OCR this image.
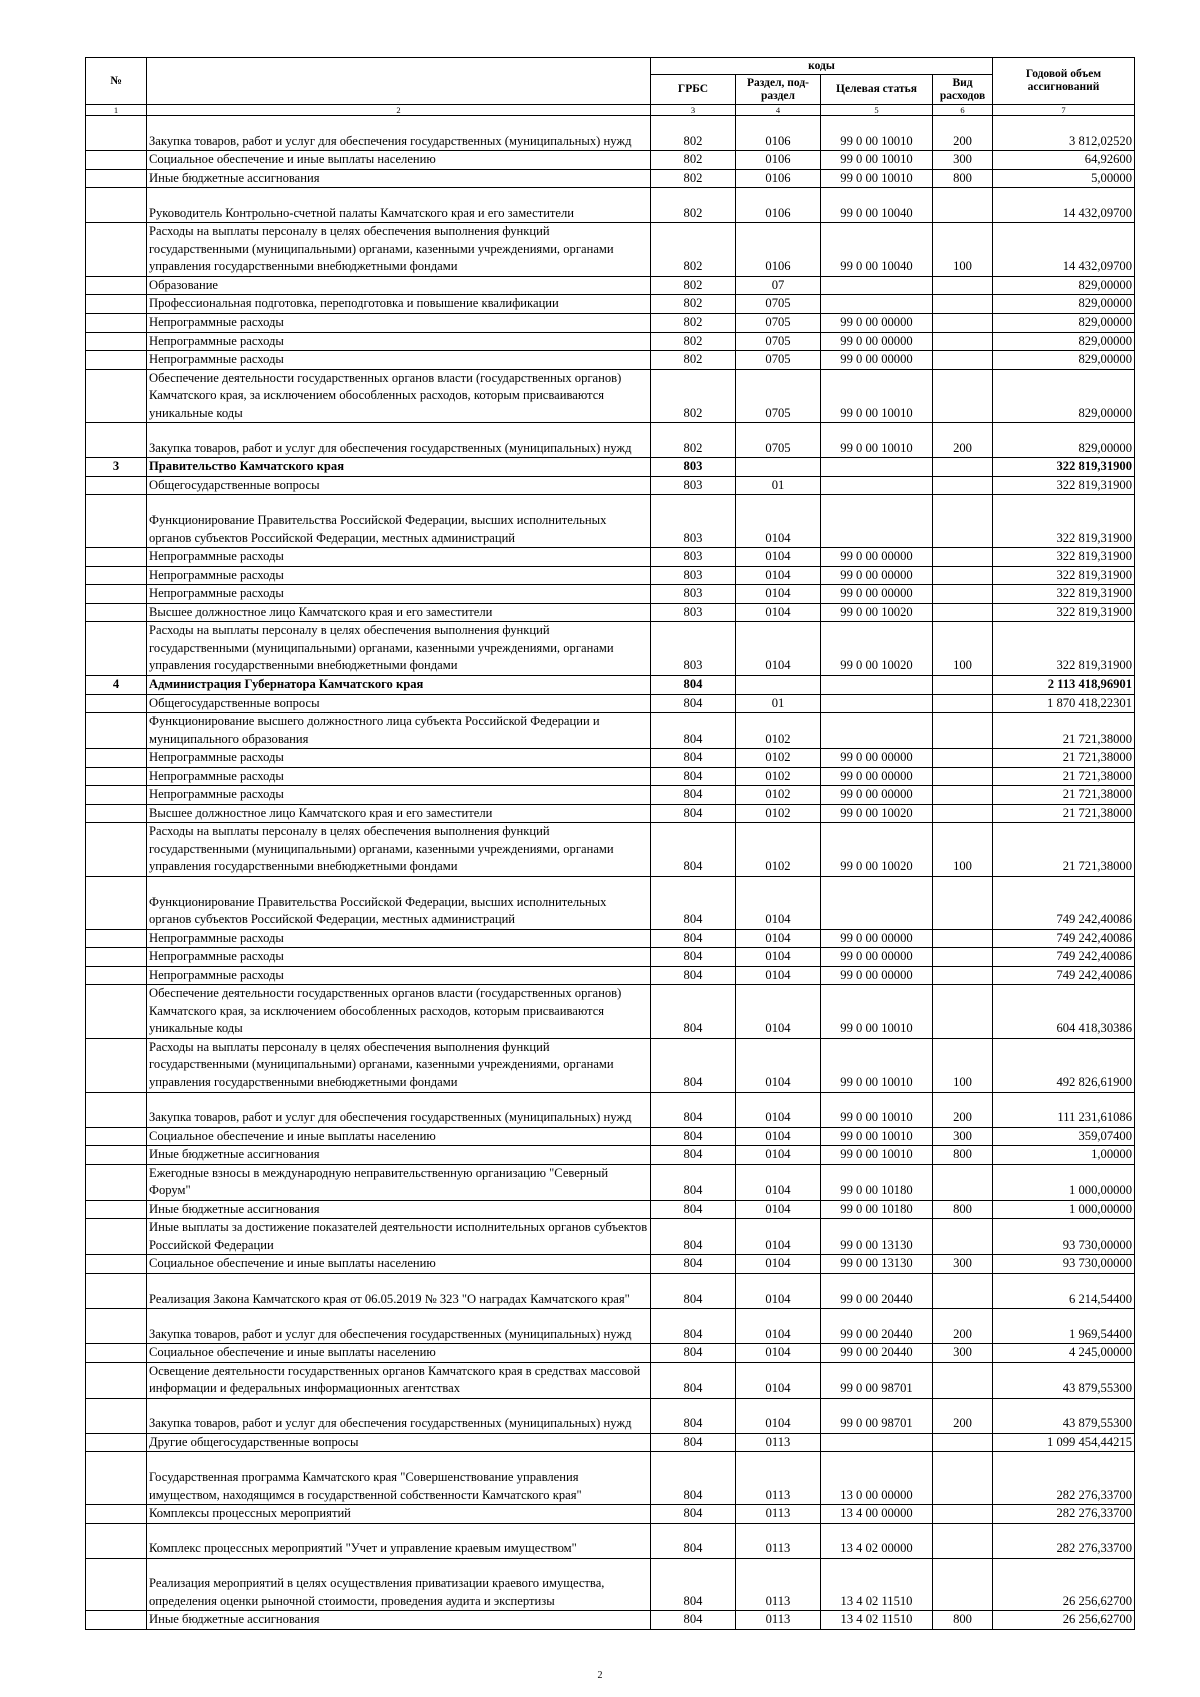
№		коды				Годовой объем ассигнований
		ГРБС	Раздел, под-раздел	Целевая статья	Вид расходов	
1	2	3	4	5	6	7
	Закупка товаров, работ и услуг для обеспечения государственных (муниципальных) нужд	802	0106	99 0 00 10010	200	3 812,02520
	Социальное обеспечение и иные выплаты населению	802	0106	99 0 00 10010	300	64,92600
	Иные бюджетные ассигнования	802	0106	99 0 00 10010	800	5,00000
	Руководитель Контрольно-счетной палаты Камчатского края и его заместители	802	0106	99 0 00 10040		14 432,09700
	Расходы на выплаты персоналу в целях обеспечения выполнения функций государственными (муниципальными) органами, казенными учреждениями, органами управления государственными внебюджетными фондами	802	0106	99 0 00 10040	100	14 432,09700
	Образование	802	07			829,00000
	Профессиональная подготовка, переподготовка и повышение квалификации	802	0705			829,00000
	Непрограммные расходы	802	0705	99 0 00 00000		829,00000
	Непрограммные расходы	802	0705	99 0 00 00000		829,00000
	Непрограммные расходы	802	0705	99 0 00 00000		829,00000
	Обеспечение деятельности государственных органов власти (государственных органов) Камчатского края, за исключением обособленных расходов, которым присваиваются уникальные коды	802	0705	99 0 00 10010		829,00000
	Закупка товаров, работ и услуг для обеспечения государственных (муниципальных) нужд	802	0705	99 0 00 10010	200	829,00000
3	Правительство Камчатского края	803				322 819,31900
	Общегосударственные вопросы	803	01			322 819,31900
	Функционирование Правительства Российской Федерации, высших исполнительных органов субъектов Российской Федерации, местных администраций	803	0104			322 819,31900
	Непрограммные расходы	803	0104	99 0 00 00000		322 819,31900
	Непрограммные расходы	803	0104	99 0 00 00000		322 819,31900
	Непрограммные расходы	803	0104	99 0 00 00000		322 819,31900
	Высшее должностное лицо Камчатского края и его заместители	803	0104	99 0 00 10020		322 819,31900
	Расходы на выплаты персоналу в целях обеспечения выполнения функций государственными (муниципальными) органами, казенными учреждениями, органами управления государственными внебюджетными фондами	803	0104	99 0 00 10020	100	322 819,31900
4	Администрация Губернатора Камчатского края	804				2 113 418,96901
	Общегосударственные вопросы	804	01			1 870 418,22301
	Функционирование высшего должностного лица субъекта Российской Федерации и муниципального образования	804	0102			21 721,38000
	Непрограммные расходы	804	0102	99 0 00 00000		21 721,38000
	Непрограммные расходы	804	0102	99 0 00 00000		21 721,38000
	Непрограммные расходы	804	0102	99 0 00 00000		21 721,38000
	Высшее должностное лицо Камчатского края и его заместители	804	0102	99 0 00 10020		21 721,38000
	Расходы на выплаты персоналу в целях обеспечения выполнения функций государственными (муниципальными) органами, казенными учреждениями, органами управления государственными внебюджетными фондами	804	0102	99 0 00 10020	100	21 721,38000
	Функционирование Правительства Российской Федерации, высших исполнительных органов субъектов Российской Федерации, местных администраций	804	0104			749 242,40086
	Непрограммные расходы	804	0104	99 0 00 00000		749 242,40086
	Непрограммные расходы	804	0104	99 0 00 00000		749 242,40086
	Непрограммные расходы	804	0104	99 0 00 00000		749 242,40086
	Обеспечение деятельности государственных органов власти (государственных органов) Камчатского края, за исключением обособленных расходов, которым присваиваются уникальные коды	804	0104	99 0 00 10010		604 418,30386
	Расходы на выплаты персоналу в целях обеспечения выполнения функций государственными (муниципальными) органами, казенными учреждениями, органами управления государственными внебюджетными фондами	804	0104	99 0 00 10010	100	492 826,61900
	Закупка товаров, работ и услуг для обеспечения государственных (муниципальных) нужд	804	0104	99 0 00 10010	200	111 231,61086
	Социальное обеспечение и иные выплаты населению	804	0104	99 0 00 10010	300	359,07400
	Иные бюджетные ассигнования	804	0104	99 0 00 10010	800	1,00000
	Ежегодные взносы в международную неправительственную организацию "Северный Форум"	804	0104	99 0 00 10180		1 000,00000
	Иные бюджетные ассигнования	804	0104	99 0 00 10180	800	1 000,00000
	Иные выплаты за достижение показателей деятельности исполнительных органов субъектов Российской Федерации	804	0104	99 0 00 13130		93 730,00000
	Социальное обеспечение и иные выплаты населению	804	0104	99 0 00 13130	300	93 730,00000
	Реализация Закона Камчатского края от 06.05.2019 № 323 "О наградах Камчатского края"	804	0104	99 0 00 20440		6 214,54400
	Закупка товаров, работ и услуг для обеспечения государственных (муниципальных) нужд	804	0104	99 0 00 20440	200	1 969,54400
	Социальное обеспечение и иные выплаты населению	804	0104	99 0 00 20440	300	4 245,00000
	Освещение деятельности государственных органов Камчатского края в средствах массовой информации и федеральных информационных агентствах	804	0104	99 0 00 98701		43 879,55300
	Закупка товаров, работ и услуг для обеспечения государственных (муниципальных) нужд	804	0104	99 0 00 98701	200	43 879,55300
	Другие общегосударственные вопросы	804	0113			1 099 454,44215
	Государственная программа Камчатского края "Совершенствование управления имуществом, находящимся в государственной собственности Камчатского края"	804	0113	13 0 00 00000		282 276,33700
	Комплексы процессных мероприятий	804	0113	13 4 00 00000		282 276,33700
	Комплекс процессных мероприятий "Учет и управление краевым имуществом"	804	0113	13 4 02 00000		282 276,33700
	Реализация мероприятий в целях осуществления приватизации краевого имущества, определения оценки рыночной стоимости, проведения аудита и экспертизы	804	0113	13 4 02 11510		26 256,62700
	Иные бюджетные ассигнования	804	0113	13 4 02 11510	800	26 256,62700
2
